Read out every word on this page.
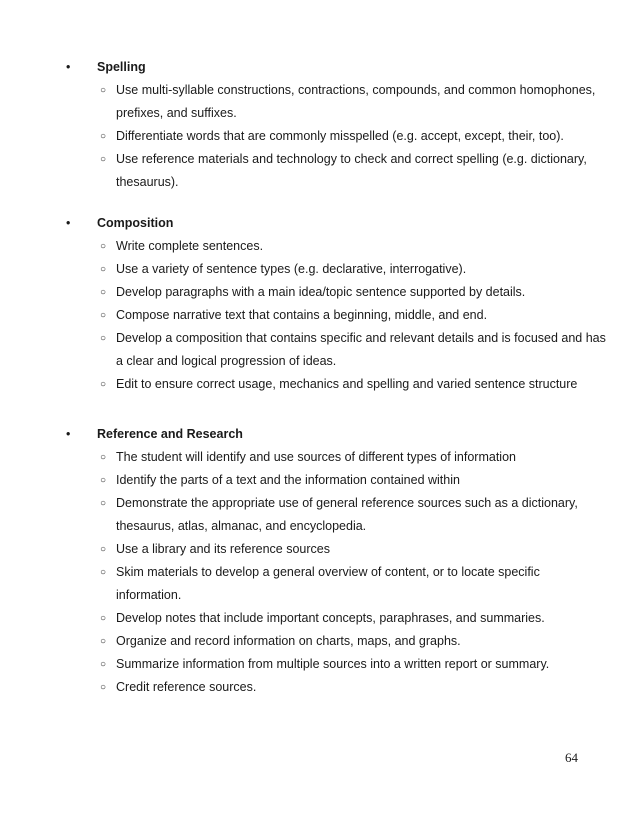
•	Spelling
○ Use multi-syllable constructions, contractions, compounds, and common homophones, prefixes, and suffixes.
○ Differentiate words that are commonly misspelled (e.g. accept, except, their, too).
○ Use reference materials and technology to check and correct spelling (e.g. dictionary, thesaurus).
•	Composition
○ Write complete sentences.
○ Use a variety of sentence types (e.g. declarative, interrogative).
○ Develop paragraphs with a main idea/topic sentence supported by details.
○ Compose narrative text that contains a beginning, middle, and end.
○ Develop a composition that contains specific and relevant details and is focused and has a clear and logical progression of ideas.
○ Edit to ensure correct usage, mechanics and spelling and varied sentence structure
•	Reference and Research
○ The student will identify and use sources of different types of information
○ Identify the parts of a text and the information contained within
○ Demonstrate the appropriate use of general reference sources such as a dictionary, thesaurus, atlas, almanac, and encyclopedia.
○ Use a library and its reference sources
○ Skim materials to develop a general overview of content, or to locate specific information.
○ Develop notes that include important concepts, paraphrases, and summaries.
○ Organize and record information on charts, maps, and graphs.
○ Summarize information from multiple sources into a written report or summary.
○ Credit reference sources.
64
